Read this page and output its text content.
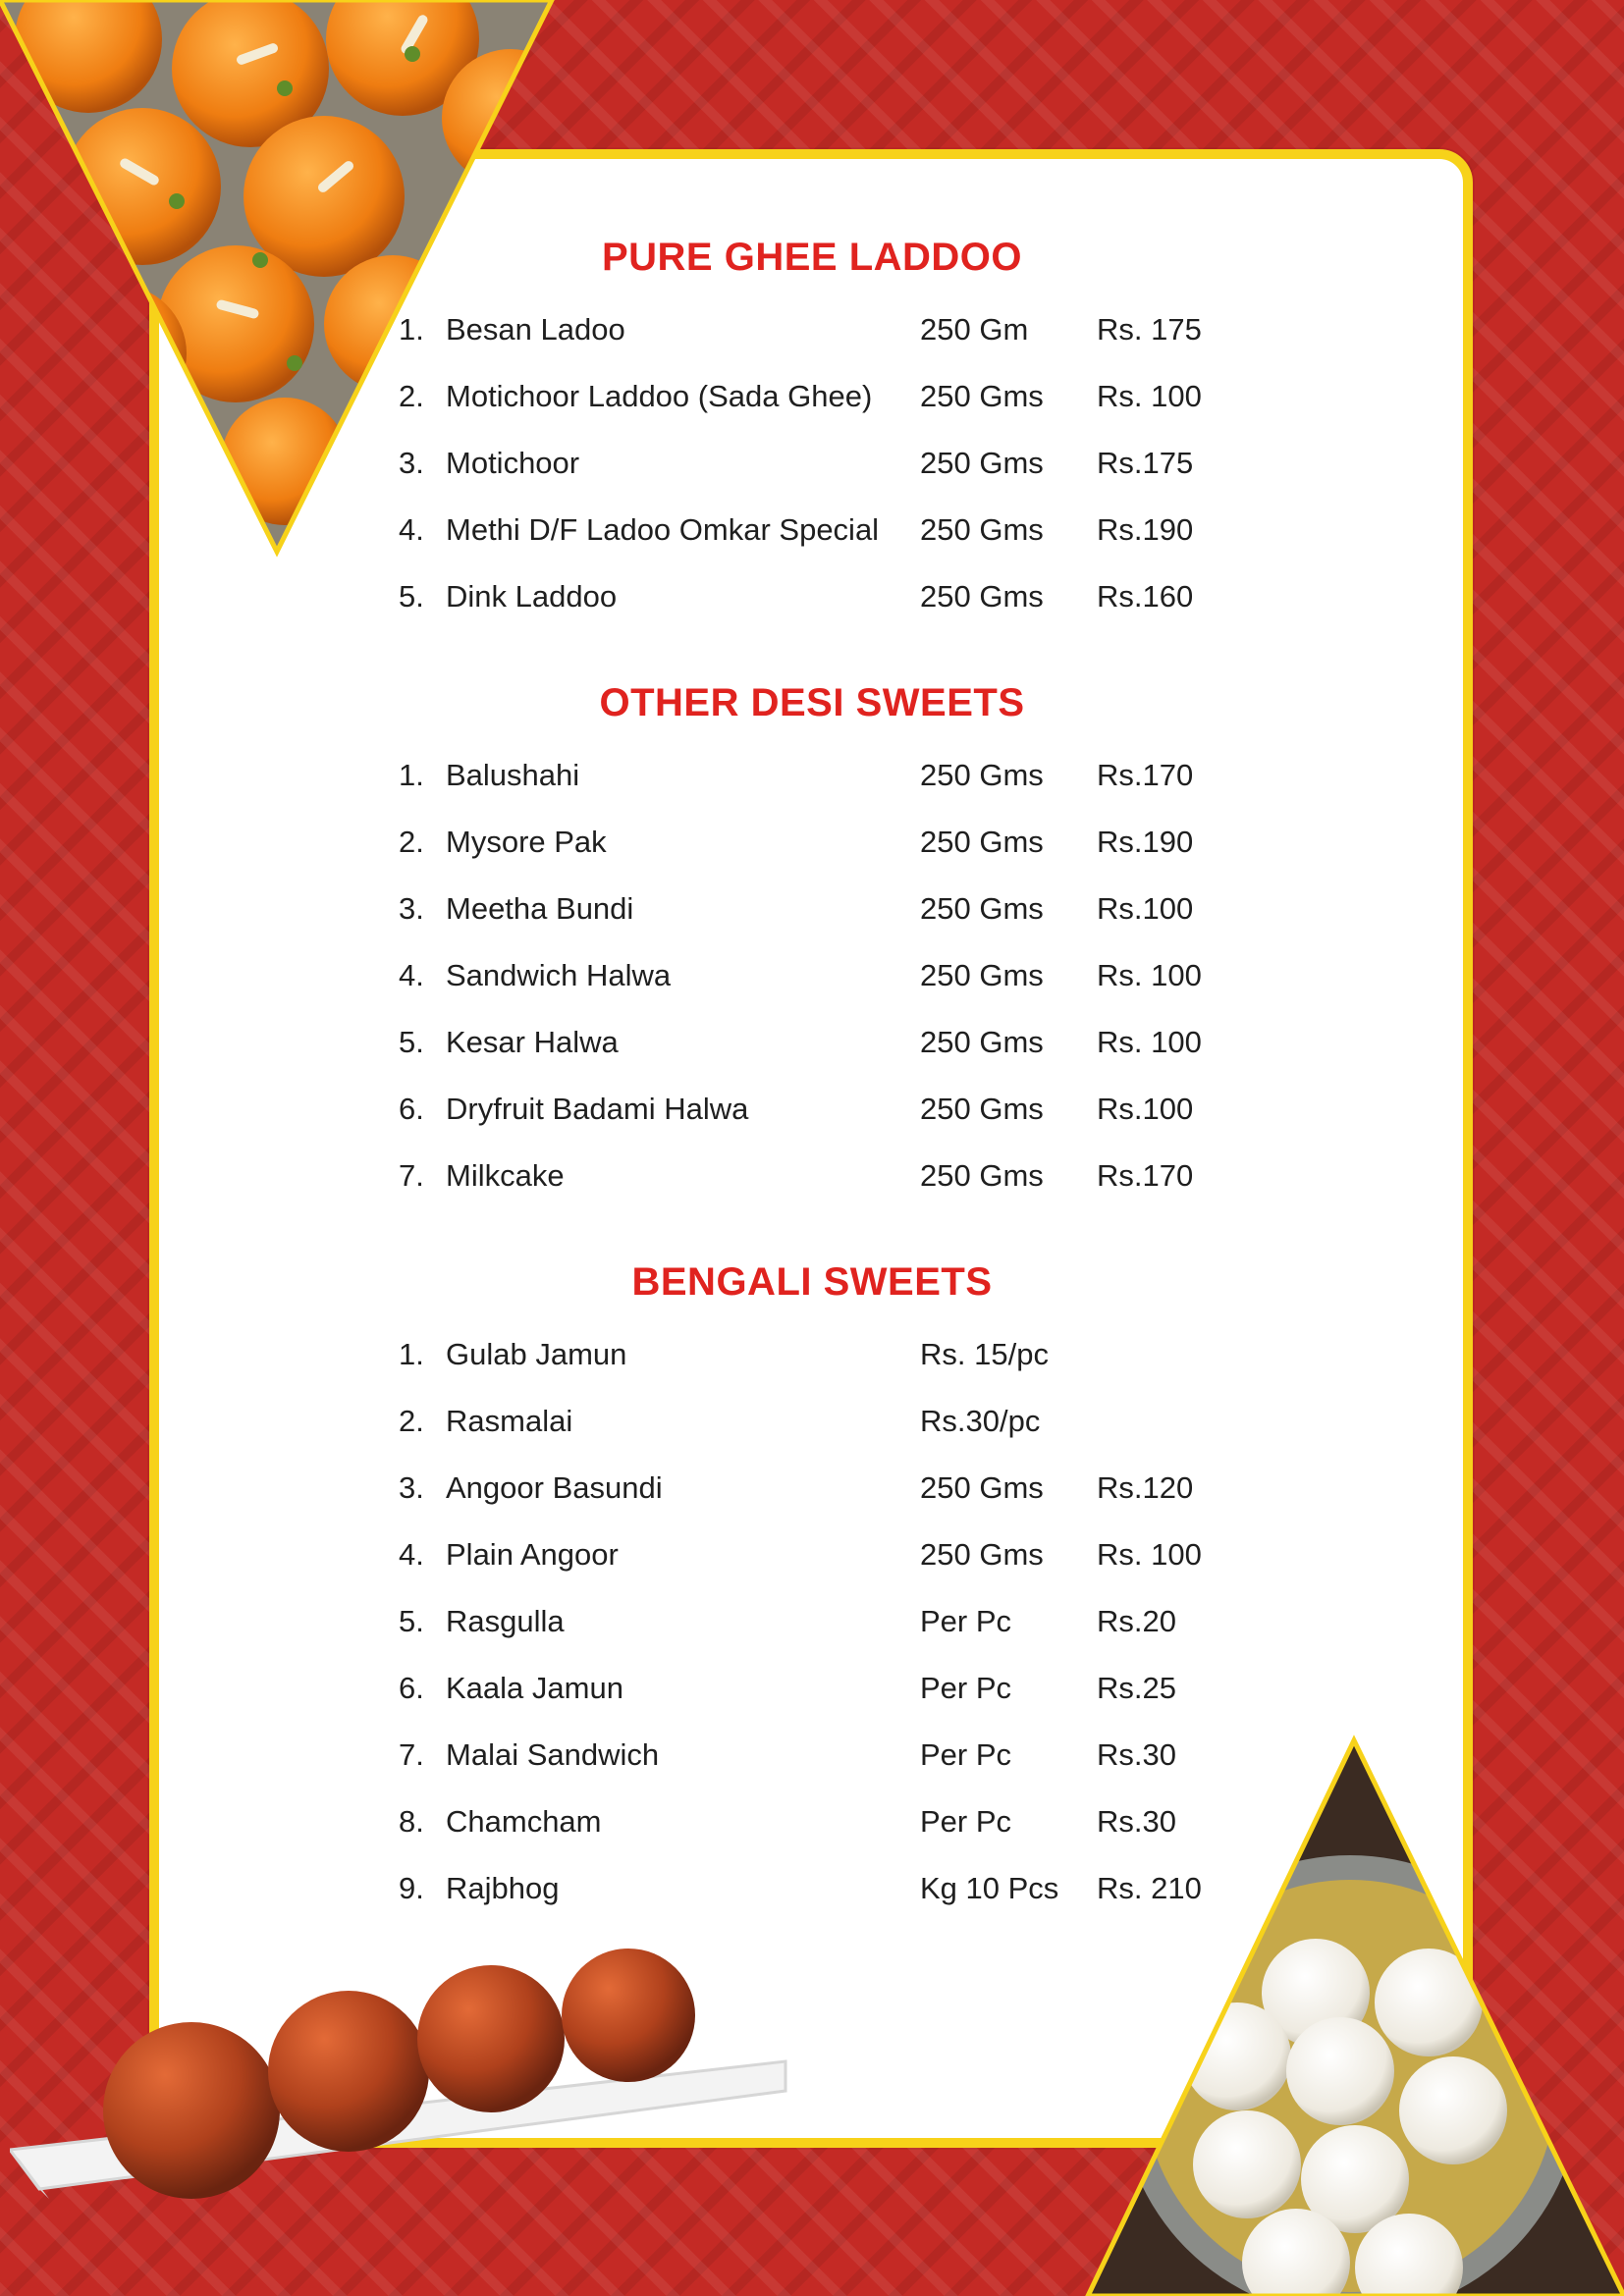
PURE GHEE LADDOO
1. Besan Ladoo	250 Gm Rs. 175
2. Motichoor Laddoo (Sada Ghee) 250 Gms Rs. 100
3. Motichoor	250 Gms Rs.175
4. Methi D/F Ladoo Omkar Special 250 Gms Rs.190
5. Dink Laddoo	250 Gms Rs.160
OTHER DESI SWEETS
1. Balushahi	250 Gms Rs.170
2. Mysore Pak	250 Gms Rs.190
3. Meetha Bundi	250 Gms Rs.100
4. Sandwich Halwa	250 Gms Rs. 100
5. Kesar Halwa	250 Gms Rs. 100
6. Dryfruit Badami Halwa	250 Gms Rs.100
7. Milkcake	250 Gms Rs.170
BENGALI SWEETS
1. Gulab Jamun	Rs. 15/pc
2. Rasmalai	Rs.30/pc
3. Angoor Basundi	250 Gms Rs.120
4. Plain Angoor	250 Gms Rs. 100
5. Rasgulla	Per Pc	Rs.20
6. Kaala Jamun	Per Pc	Rs.25
7. Malai Sandwich	Per Pc	Rs.30
8. Chamcham	Per Pc	Rs.30
9. Rajbhog	Kg 10 Pcs Rs. 210
